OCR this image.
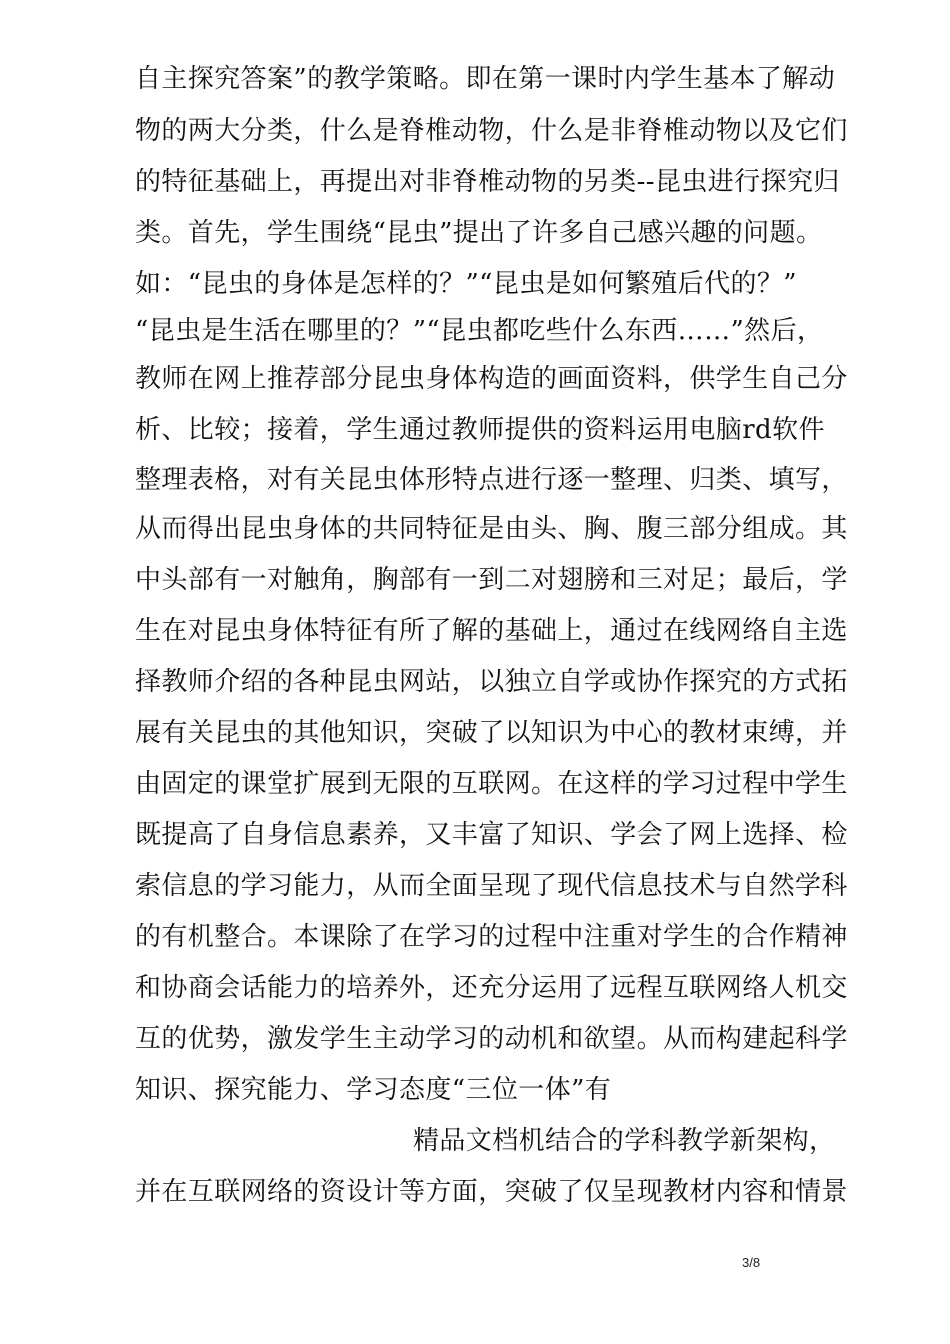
自主探究答案”的教学策略。即在第一课时内学生基本了解动
物的两大分类，什么是脊椎动物，什么是非脊椎动物以及它们
的特征基础上，再提出对非脊椎动物的另类--昆虫进行探究归
类。首先，学生围绕“昆虫”提出了许多自己感兴趣的问题。
如：“昆虫的身体是怎样的？”“昆虫是如何繁殖后代的？”
“昆虫是生活在哪里的？”“昆虫都吃些什么东西……”然后，
教师在网上推荐部分昆虫身体构造的画面资料，供学生自己分
析、比较；接着，学生通过教师提供的资料运用电脑rd软件
整理表格，对有关昆虫体形特点进行逐一整理、归类、填写，
从而得出昆虫身体的共同特征是由头、胸、腹三部分组成。其
中头部有一对触角，胸部有一到二对翅膀和三对足；最后，学
生在对昆虫身体特征有所了解的基础上，通过在线网络自主选
择教师介绍的各种昆虫网站，以独立自学或协作探究的方式拓
展有关昆虫的其他知识，突破了以知识为中心的教材束缚，并
由固定的课堂扩展到无限的互联网。在这样的学习过程中学生
既提高了自身信息素养，又丰富了知识、学会了网上选择、检
索信息的学习能力，从而全面呈现了现代信息技术与自然学科
的有机整合。本课除了在学习的过程中注重对学生的合作精神
和协商会话能力的培养外，还充分运用了远程互联网络人机交
互的优势，激发学生主动学习的动机和欲望。从而构建起科学
知识、探究能力、学习态度“三位一体”有
精品文档机结合的学科教学新架构，
并在互联网络的资设计等方面，突破了仅呈现教材内容和情景
3/8
